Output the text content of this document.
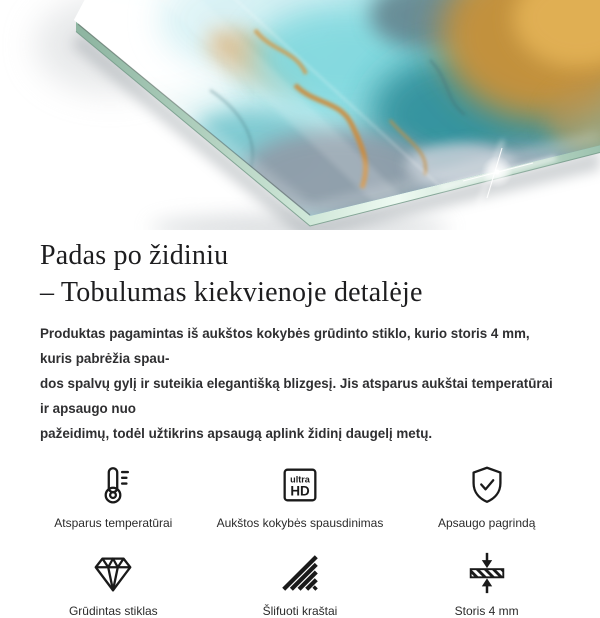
Padas po židiniu
– Tobulumas kiekvienoje detalėje
Produktas pagamintas iš aukštos kokybės grūdinto stiklo, kurio storis 4 mm, kuris pabrėžia spau-
dos spalvų gylį ir suteikia elegantišką blizgesį. Jis atsparus aukštai temperatūrai ir apsaugo nuo
pažeidimų, todėl užtikrins apsaugą aplink židinį daugelį metų.
Atsparus temperatūrai
ultra
HD
Aukštos kokybės spausdinimas	Apsaugo pagrindą
Grūdintas stiklas	Šlifuoti kraštai	Storis 4 mm
